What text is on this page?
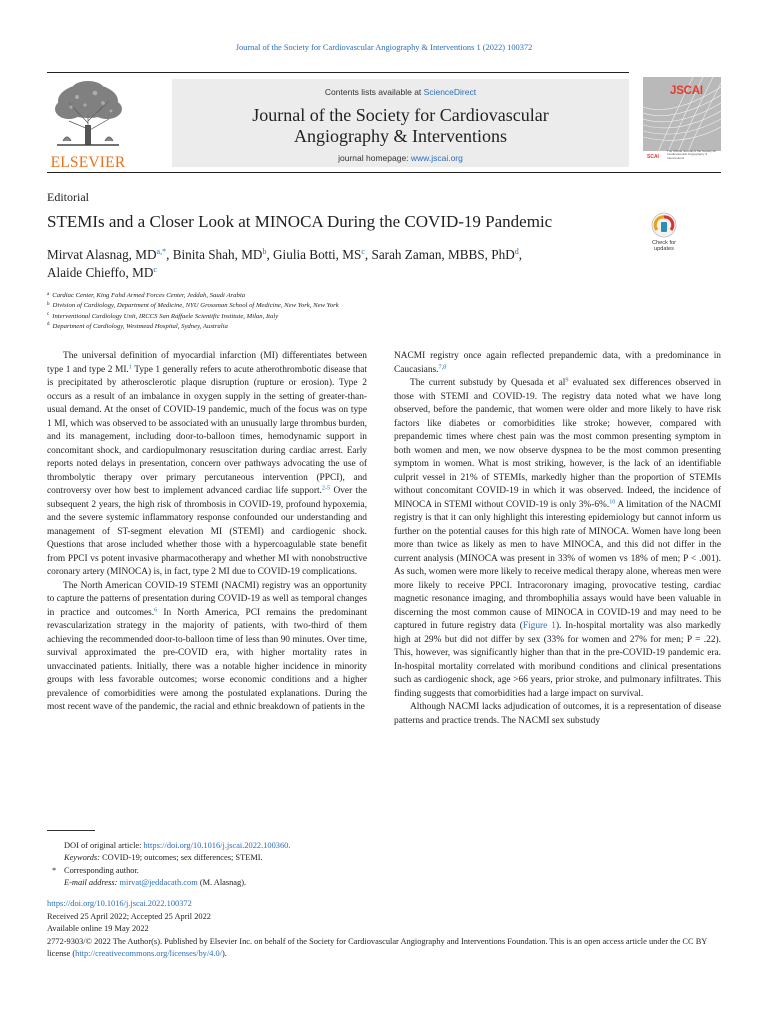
Journal of the Society for Cardiovascular Angiography & Interventions 1 (2022) 100372
ELSEVIER
Contents lists available at ScienceDirect
Journal of the Society for Cardiovascular
Angiography & Interventions
journal homepage: www.jscai.org
JSCAI
SCAI
The Official Journal of the Society for Cardiovascular Angiography & Interventions
Editorial
STEMIs and a Closer Look at MINOCA During the COVID-19 Pandemic
Check for
updates
Mirvat Alasnag, $MD^{a,*}$, Binita Shah, $MD^b$, Giulia Botti, $MS^c$, Sarah Zaman, MBBS, PhD$^d$,
Alaide Chieffo, $MD^c$
$^a$ Cardiac Center, King Fahd Armed Forces Center, Jeddah, Saudi Arabia
$^b$ Division of Cardiology, Department of Medicine, NYU Grossman School of Medicine, New York, New York
$^c$ Interventional Cardiology Unit, IRCCS San Raffaele Scientific Institute, Milan, Italy
$^d$ Department of Cardiology, Westmead Hospital, Sydney, Australia

The universal definition of myocardial infarction (MI) differentiates between type 1 and type 2 MI.$^1$ Type 1 generally refers to acute atherothrombotic disease that is precipitated by atherosclerotic plaque disruption (rupture or erosion). Type 2 occurs as a result of an imbalance in oxygen supply in the setting of greater-than-usual demand. At the onset of COVID-19 pandemic, much of the focus was on type 1 MI, which was observed to be associated with an unusually large thrombus burden, and its management, including door-to-balloon times, hemodynamic support in concomitant shock, and cardiopulmonary resuscitation during cardiac arrest. Early reports noted delays in presentation, concern over pathways advocating the use of thrombolytic therapy over primary percutaneous intervention (PPCI), and controversy over how best to implement advanced cardiac life support.$^{2-5}$ Over the subsequent 2 years, the high risk of thrombosis in COVID-19, profound hypoxemia, and the severe systemic inflammatory response confounded our understanding and management of ST-segment elevation MI (STEMI) and cardiogenic shock. Questions that arose included whether those with a hypercoagulable state benefit from PPCI vs potent invasive pharmacotherapy and whether MI with nonobstructive coronary artery (MINOCA) is, in fact, type 2 MI due to COVID-19 complications.

The North American COVID-19 STEMI (NACMI) registry was an opportunity to capture the patterns of presentation during COVID-19 as well as temporal changes in practice and outcomes.$^6$ In North America, PCI remains the predominant revascularization strategy in the majority of patients, with two-third of them achieving the recommended door-to-balloon time of less than 90 minutes. Over time, survival approximated the pre-COVID era, with higher mortality rates in unvaccinated patients. Initially, there was a notable higher incidence in minority groups with less favorable outcomes; worse economic conditions and a higher prevalence of comorbidities were among the postulated explanations. During the most recent wave of the pandemic, the racial and ethnic breakdown of patients in the

NACMI registry once again reflected prepandemic data, with a predominance in Caucasians.$^{7,8}$

The current substudy by Quesada et al$^9$ evaluated sex differences observed in those with STEMI and COVID-19. The registry data noted what we have long observed, before the pandemic, that women were older and more likely to have risk factors like diabetes or comorbidities like stroke; however, compared with prepandemic times where chest pain was the most common presenting symptom in both women and men, we now observe dyspnea to be the most common presenting symptom in women. What is most striking, however, is the lack of an identifiable culprit vessel in 21% of STEMIs, markedly higher than the proportion of STEMIs without concomitant COVID-19 in which it was observed. Indeed, the incidence of MINOCA in STEMI without COVID-19 is only 3%-6%.$^{10}$ A limitation of the NACMI registry is that it can only highlight this interesting epidemiology but cannot inform us further on the potential causes for this high rate of MINOCA. Women have long been more than twice as likely as men to have MINOCA, and this did not differ in the current analysis (MINOCA was present in 33% of women vs 18% of men; P < .001). As such, women were more likely to receive medical therapy alone, whereas men were more likely to receive PPCI. Intracoronary imaging, provocative testing, cardiac magnetic resonance imaging, and thrombophilia assays would have been valuable in discerning the most common cause of MINOCA in COVID-19 and may need to be captured in future registry data (Figure 1). In-hospital mortality was also markedly high at 29% but did not differ by sex (33% for women and 27% for men; P = .22). This, however, was significantly higher than that in the pre-COVID-19 pandemic era. In-hospital mortality correlated with moribund conditions and clinical presentations such as cardiogenic shock, age >66 years, prior stroke, and pulmonary infiltrates. This finding suggests that comorbidities had a large impact on survival.

Although NACMI lacks adjudication of outcomes, it is a representation of disease patterns and practice trends. The NACMI sex substudy

DOI of original article: https://doi.org/10.1016/j.jscai.2022.100360.
Keywords: COVID-19; outcomes; sex differences; STEMI.
* Corresponding author.
E-mail address: mirvat@jeddacath.com (M. Alasnag).
https://doi.org/10.1016/j.jscai.2022.100372
Received 25 April 2022; Accepted 25 April 2022
Available online 19 May 2022
2772-9303/© 2022 The Author(s). Published by Elsevier Inc. on behalf of the Society for Cardiovascular Angiography and Interventions Foundation. This is an open access article under the CC BY license (http://creativecommons.org/licenses/by/4.0/).
